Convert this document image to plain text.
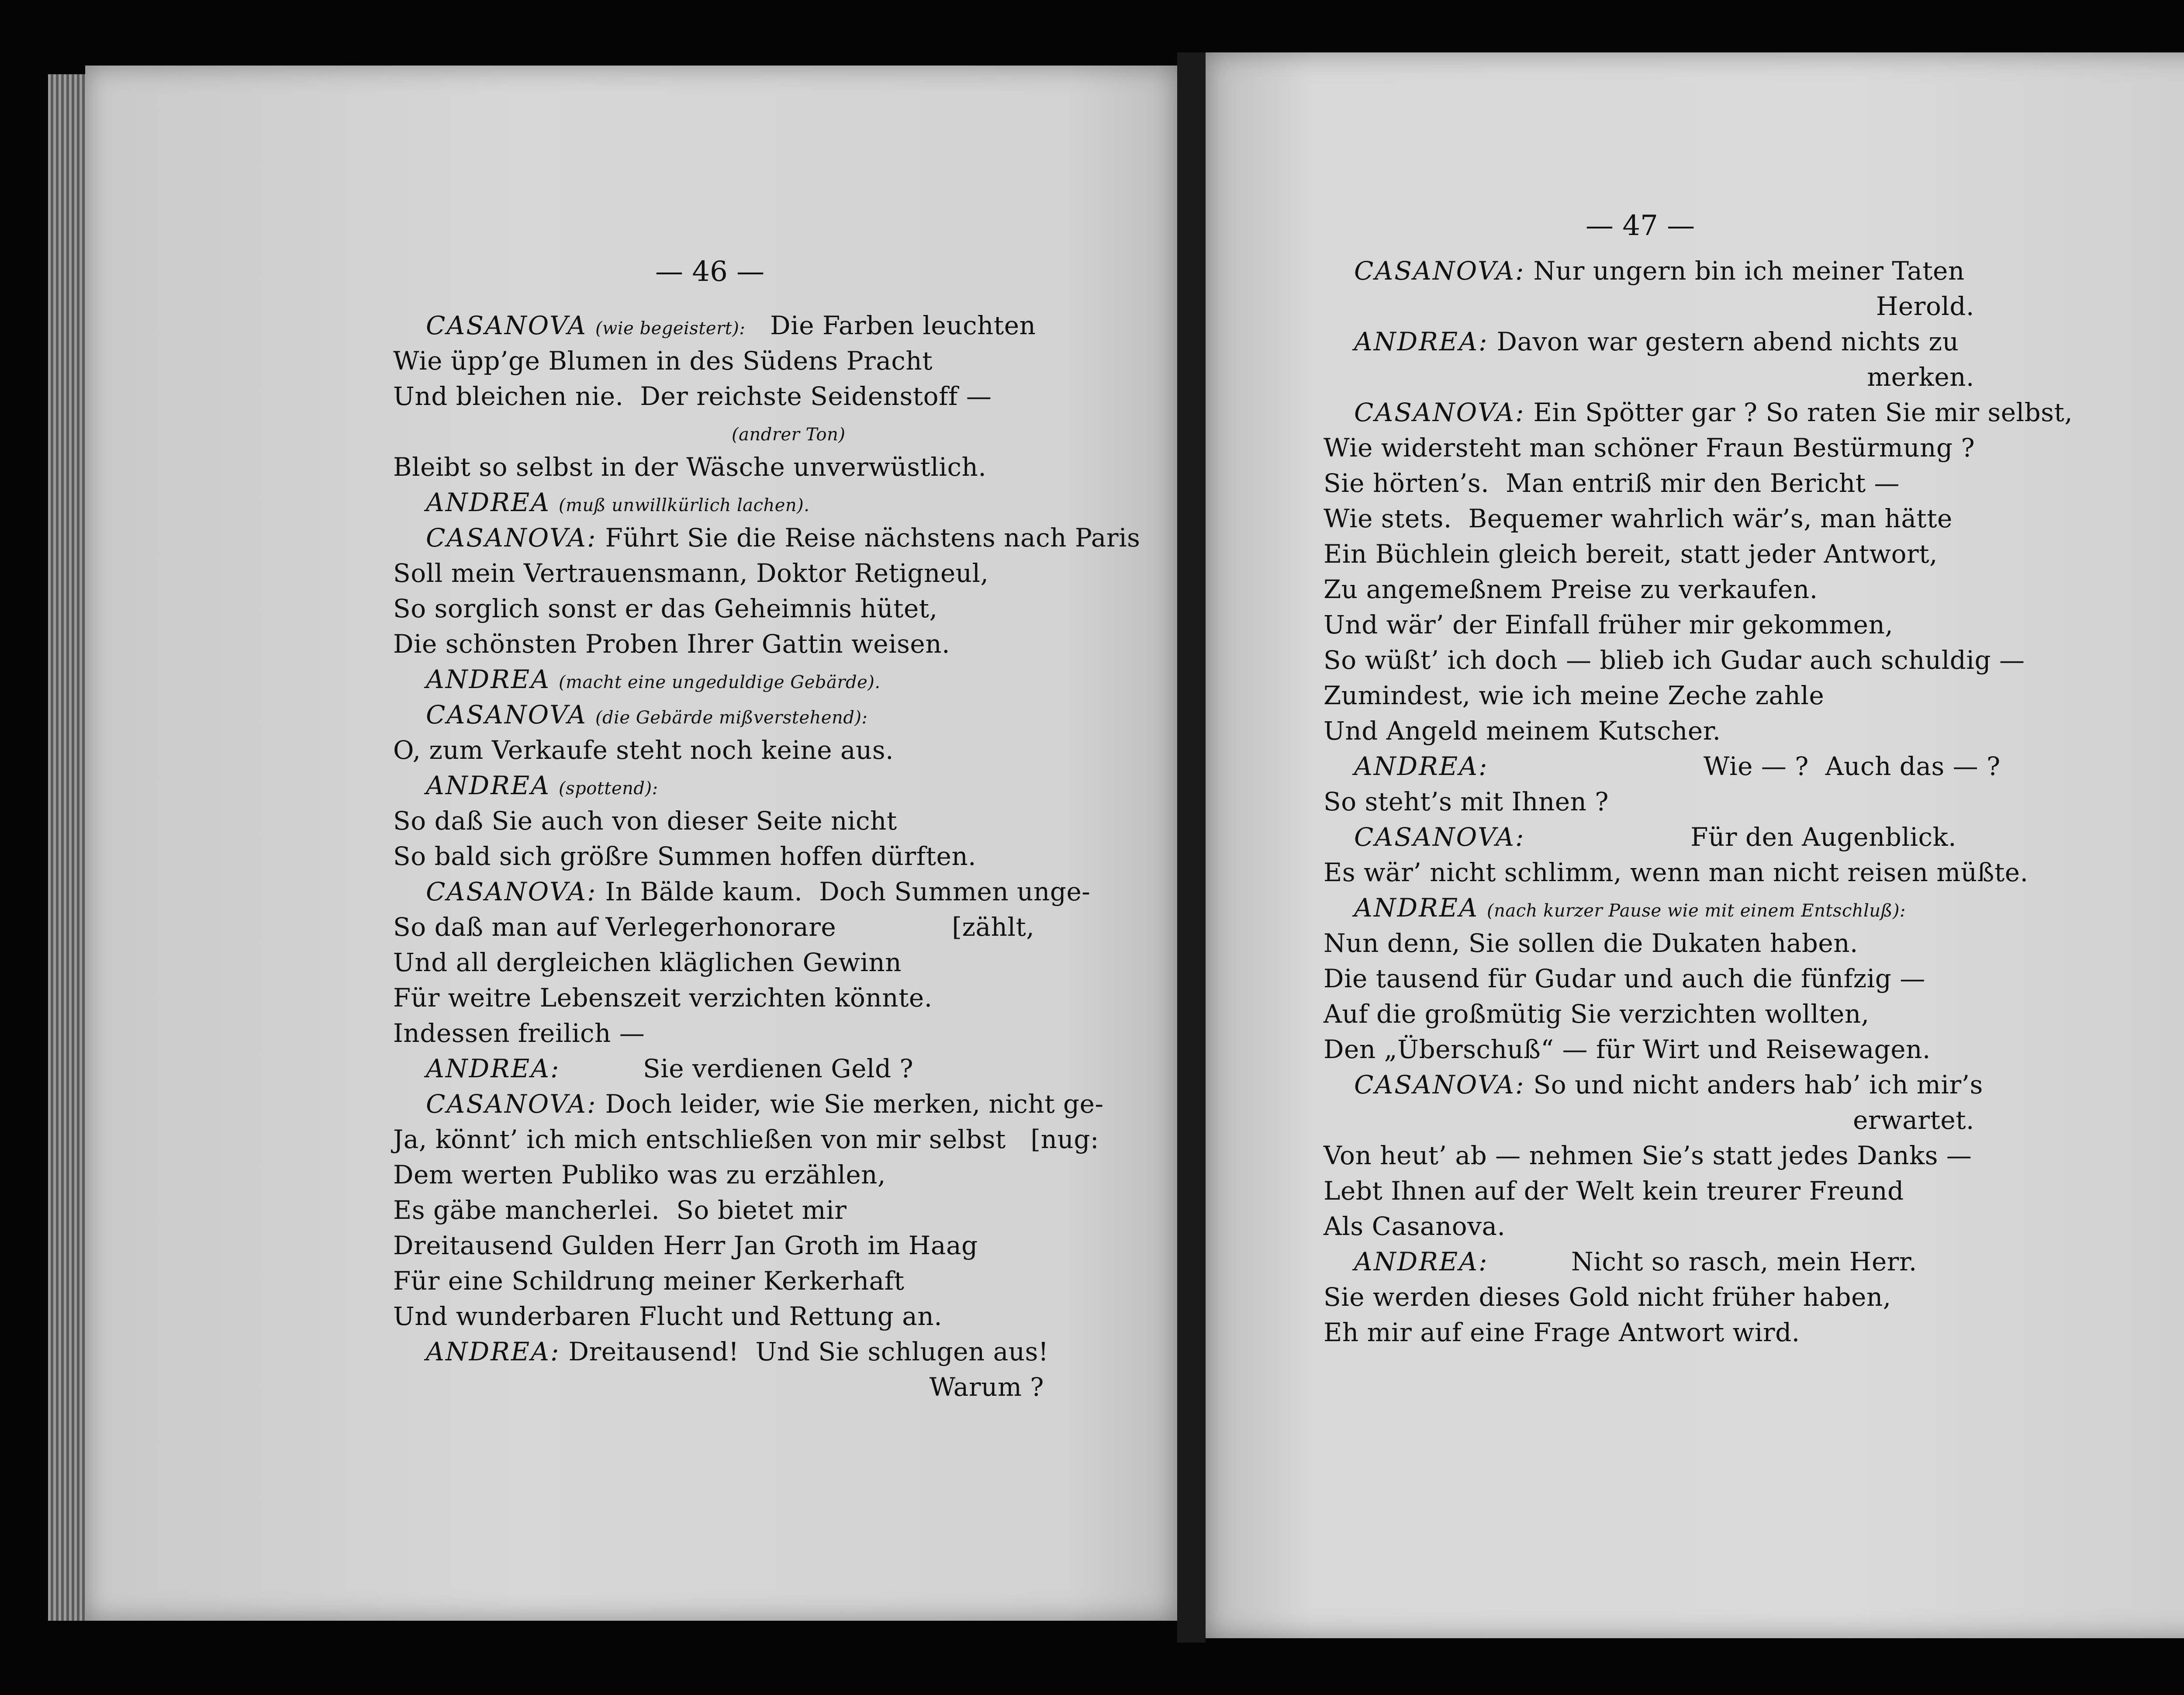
— 46 —
CASANOVA (wie begeistert):   Die Farben leuchten
Wie üpp’ge Blumen in des Südens Pracht
Und bleichen nie.  Der reichste Seidenstoff —
(andrer Ton)
Bleibt so selbst in der Wäsche unverwüstlich.
ANDREA (muß unwillkürlich lachen).
CASANOVA: Führt Sie die Reise nächstens nach Paris
Soll mein Vertrauensmann, Doktor Retigneul,
So sorglich sonst er das Geheimnis hütet,
Die schönsten Proben Ihrer Gattin weisen.
ANDREA (macht eine ungeduldige Gebärde).
CASANOVA (die Gebärde mißverstehend):
O, zum Verkaufe steht noch keine aus.
ANDREA (spottend):
So daß Sie auch von dieser Seite nicht
So bald sich größre Summen hoffen dürften.
CASANOVA: In Bälde kaum.  Doch Summen unge-
So daß man auf Verlegerhonorare              [zählt,
Und all dergleichen kläglichen Gewinn
Für weitre Lebenszeit verzichten könnte.
Indessen freilich —
ANDREA:          Sie verdienen Geld ?
CASANOVA: Doch leider, wie Sie merken, nicht ge-
Ja, könnt’ ich mich entschließen von mir selbst   [nug:
Dem werten Publiko was zu erzählen,
Es gäbe mancherlei.  So bietet mir
Dreitausend Gulden Herr Jan Groth im Haag
Für eine Schildrung meiner Kerkerhaft
Und wunderbaren Flucht und Rettung an.
ANDREA: Dreitausend!  Und Sie schlugen aus!
Warum ?
— 47 —
CASANOVA: Nur ungern bin ich meiner Taten
Herold.
ANDREA: Davon war gestern abend nichts zu
merken.
CASANOVA: Ein Spötter gar ? So raten Sie mir selbst,
Wie widersteht man schöner Fraun Bestürmung ?
Sie hörten’s.  Man entriß mir den Bericht —
Wie stets.  Bequemer wahrlich wär’s, man hätte
Ein Büchlein gleich bereit, statt jeder Antwort,
Zu angemeßnem Preise zu verkaufen.
Und wär’ der Einfall früher mir gekommen,
So wüßt’ ich doch — blieb ich Gudar auch schuldig —
Zumindest, wie ich meine Zeche zahle
Und Angeld meinem Kutscher.
ANDREA:                          Wie — ?  Auch das — ?
So steht’s mit Ihnen ?
CASANOVA:                    Für den Augenblick.
Es wär’ nicht schlimm, wenn man nicht reisen müßte.
ANDREA (nach kurzer Pause wie mit einem Entschluß):
Nun denn, Sie sollen die Dukaten haben.
Die tausend für Gudar und auch die fünfzig —
Auf die großmütig Sie verzichten wollten,
Den „Überschuß“ — für Wirt und Reisewagen.
CASANOVA: So und nicht anders hab’ ich mir’s
erwartet.
Von heut’ ab — nehmen Sie’s statt jedes Danks —
Lebt Ihnen auf der Welt kein treurer Freund
Als Casanova.
ANDREA:          Nicht so rasch, mein Herr.
Sie werden dieses Gold nicht früher haben,
Eh mir auf eine Frage Antwort wird.
